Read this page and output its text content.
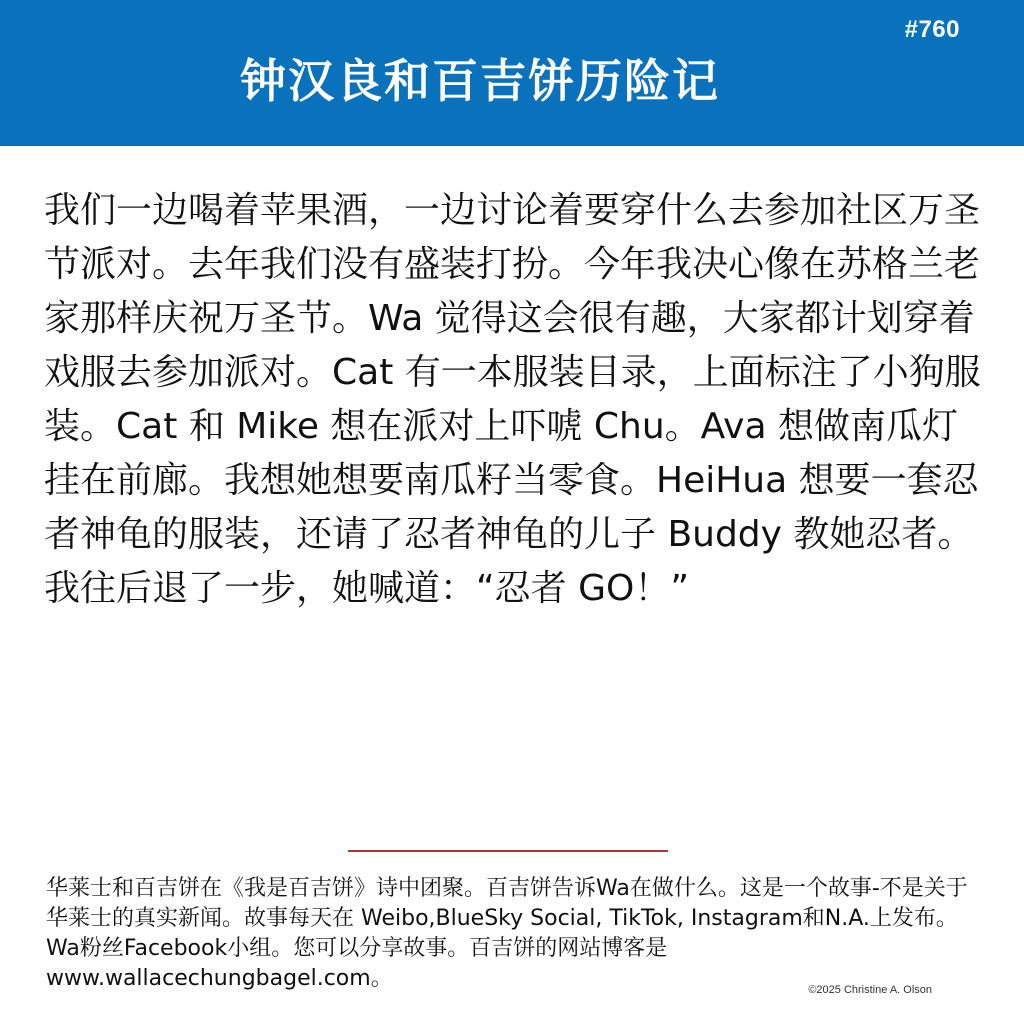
#760
钟汉良和百吉饼历险记

我们一边喝着苹果酒，一边讨论着要穿什么去参加社区万圣节派对。去年我们没有盛装打扮。今年我决心像在苏格兰老家那样庆祝万圣节。Wa 觉得这会很有趣，大家都计划穿着戏服去参加派对。Cat 有一本服装目录，上面标注了小狗服装。Cat 和 Mike 想在派对上吓唬 Chu。Ava 想做南瓜灯挂在前廊。我想她想要南瓜籽当零食。HeiHua 想要一套忍者神龟的服装，还请了忍者神龟的儿子 Buddy 教她忍者。我往后退了一步，她喊道：“忍者 GO！”

华莱士和百吉饼在《我是百吉饼》诗中团聚。百吉饼告诉Wa在做什么。这是一个故事-不是关于华莱士的真实新闻。故事每天在 Weibo,BlueSky Social, TikTok, Instagram和N.A.上发布。Wa粉丝Facebook小组。您可以分享故事。百吉饼的网站博客是www.wallacechungbagel.com。	©2025 Christine A. Olson
